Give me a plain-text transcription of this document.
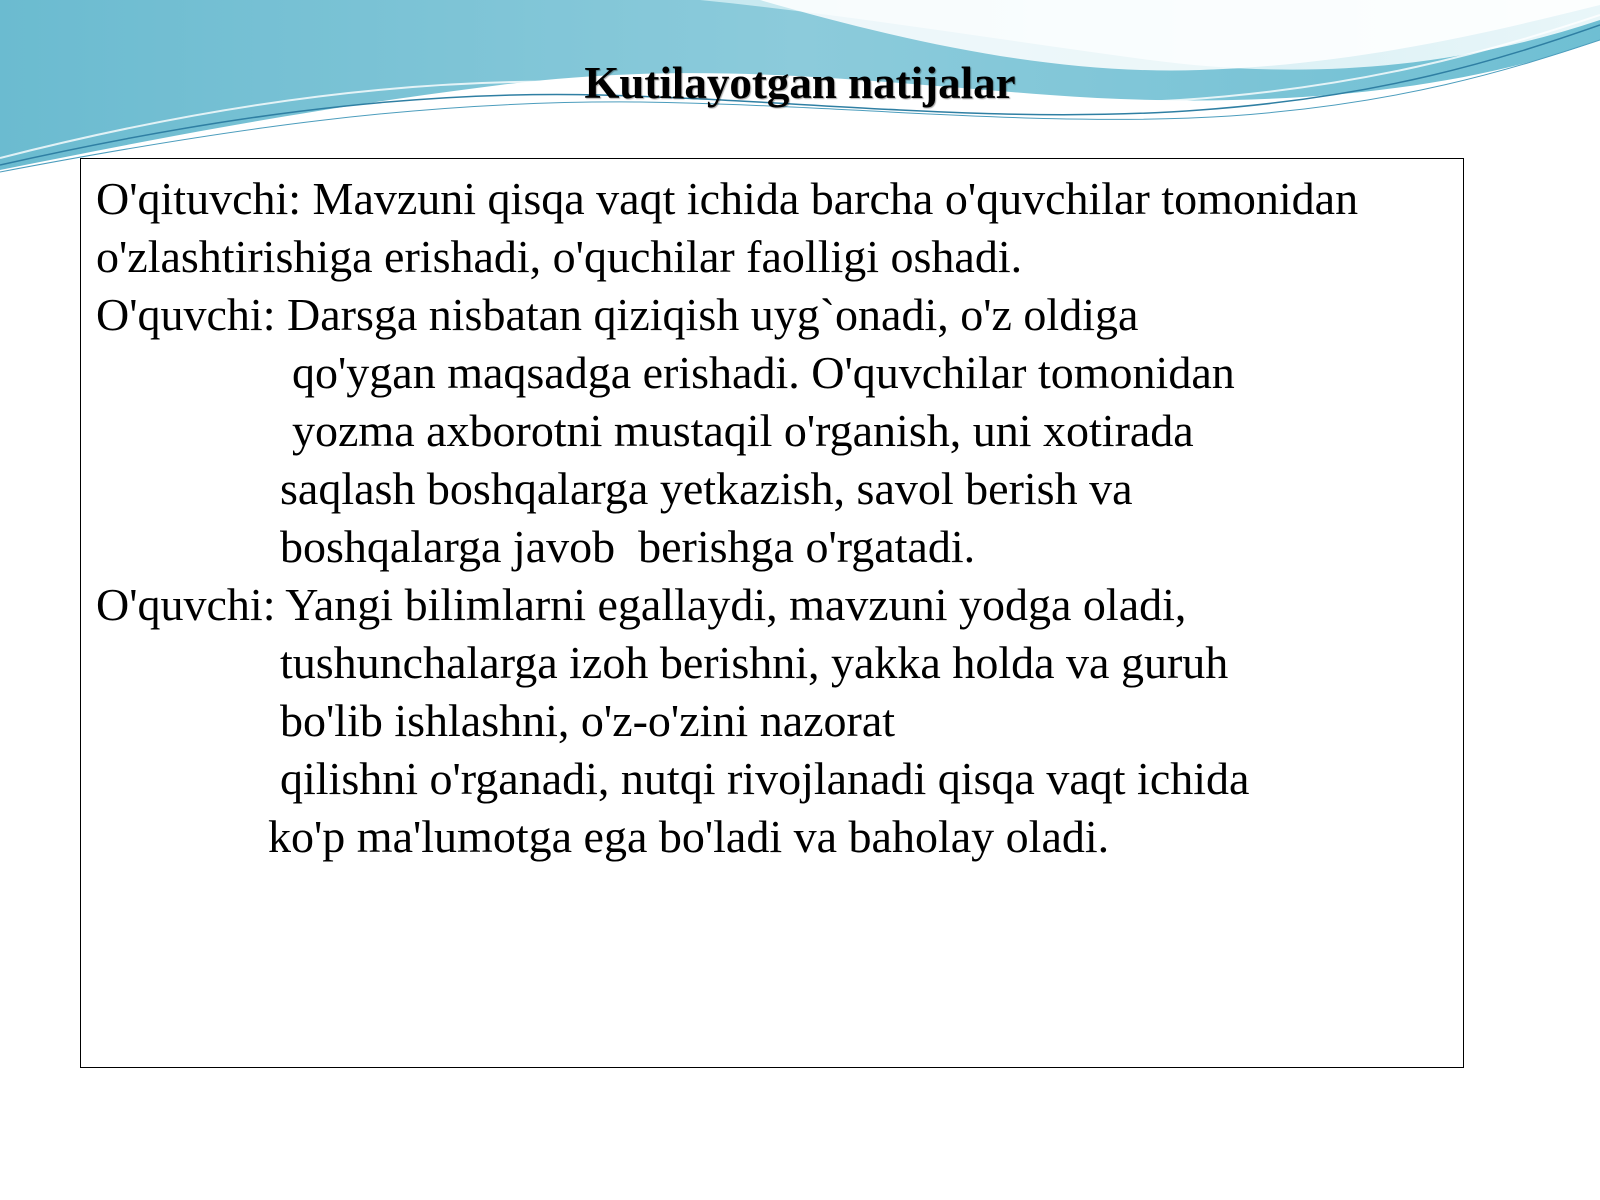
Kutilayotgan natijalar
O'qituvchi: Mavzuni qisqa vaqt ichida barcha o'quvchilar tomonidan
o'zlashtirishiga erishadi, o'quchilar faolligi oshadi.
O'quvchi: Darsga nisbatan qiziqish uyg`onadi, o'z oldiga
qo'ygan maqsadga erishadi. O'quvchilar tomonidan
yozma axborotni mustaqil o'rganish, uni xotirada
saqlash boshqalarga yetkazish, savol berish va
boshqalarga javob  berishga o'rgatadi.
O'quvchi: Yangi bilimlarni egallaydi, mavzuni yodga oladi,
tushunchalarga izoh berishni, yakka holda va guruh
bo'lib ishlashni, o'z-o'zini nazorat
qilishni o'rganadi, nutqi rivojlanadi qisqa vaqt ichida
ko'p ma'lumotga ega bo'ladi va baholay oladi.
